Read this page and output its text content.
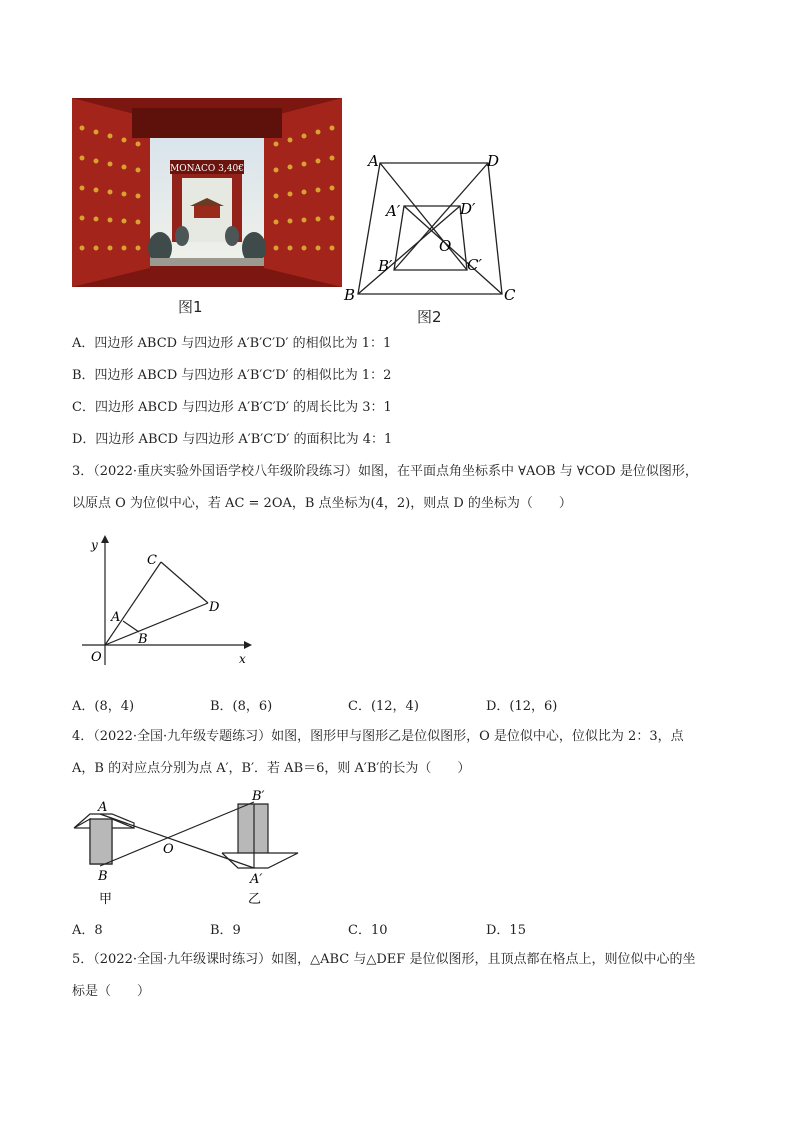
MONACO 3,40€
图1
A	D
B	C
A′	D′
B′	C′
O
图2
A．四边形 ABCD 与四边形 A′B′C′D′ 的相似比为 1：1
B．四边形 ABCD 与四边形 A′B′C′D′ 的相似比为 1：2
C．四边形 ABCD 与四边形 A′B′C′D′ 的周长比为 3：1
D．四边形 ABCD 与四边形 A′B′C′D′ 的面积比为 4：1
3．（2022·重庆实验外国语学校八年级阶段练习）如图，在平面点角坐标系中 ∀AOB 与 ∀COD 是位似图形，
以原点 O 为位似中心，若 AC = 2OA，B 点坐标为(4，2)，则点 D 的坐标为（　　）
y
x
O
A
B
C
D
A．(8，4)	B．(8，6)	C．(12，4)	D．(12，6)
4．（2022·全国·九年级专题练习）如图，图形甲与图形乙是位似图形，O 是位似中心，位似比为 2：3，点
A，B 的对应点分别为点 A′，B′．若 AB＝6，则 A′B′的长为（　　）
A
B
O
B′
A′
甲	乙
A．8	B．9	C．10	D．15
5．（2022·全国·九年级课时练习）如图，△ABC 与△DEF 是位似图形，且顶点都在格点上，则位似中心的坐
标是（　　）
